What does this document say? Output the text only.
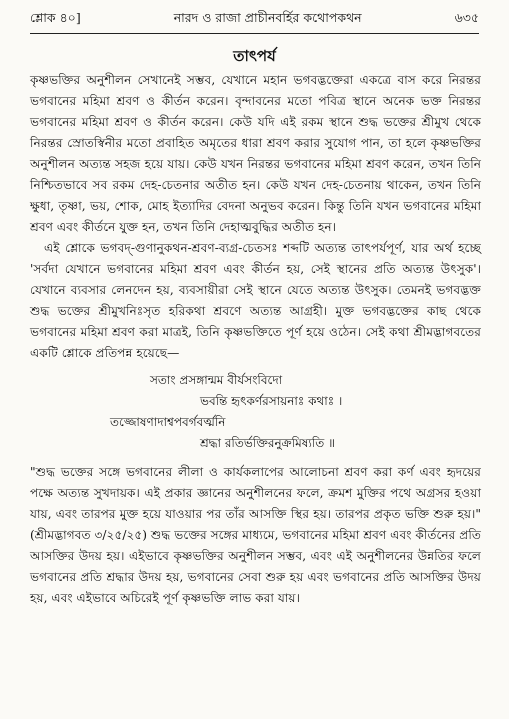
শ্লোক ৪০]	নারদ ও রাজা প্রাচীনবর্হির কথোপকথন	৬৩৫
তাৎপর্য

কৃষ্ণভক্তির অনুশীলন সেখানেই সম্ভব, যেখানে মহান ভগবদ্ভক্তেরা একত্রে বাস করে নিরন্তর ভগবানের মহিমা শ্রবণ ও কীর্তন করেন। বৃন্দাবনের মতো পবিত্র স্থানে অনেক ভক্ত নিরন্তর ভগবানের মহিমা শ্রবণ ও কীর্তন করেন। কেউ যদি এই রকম স্থানে শুদ্ধ ভক্তের শ্রীমুখ থেকে নিরন্তর স্রোতস্বিনীর মতো প্রবাহিত অমৃতের ধারা শ্রবণ করার সুযোগ পান, তা হলে কৃষ্ণভক্তির অনুশীলন অত্যন্ত সহজ হয়ে যায়। কেউ যখন নিরন্তর ভগবানের মহিমা শ্রবণ করেন, তখন তিনি নিশ্চিতভাবে সব রকম দেহ-চেতনার অতীত হন। কেউ যখন দেহ-চেতনায় থাকেন, তখন তিনি ক্ষুধা, তৃষ্ণা, ভয়, শোক, মোহ ইত্যাদির বেদনা অনুভব করেন। কিন্তু তিনি যখন ভগবানের মহিমা শ্রবণ এবং কীর্তনে যুক্ত হন, তখন তিনি দেহাত্মবুদ্ধির অতীত হন।

এই শ্লোকে ভগবদ্-গুণানুকথন-শ্রবণ-ব্যগ্র-চেতসঃ শব্দটি অত্যন্ত তাৎপর্যপূর্ণ, যার অর্থ হচ্ছে 'সর্বদা যেখানে ভগবানের মহিমা শ্রবণ এবং কীর্তন হয়, সেই স্থানের প্রতি অত্যন্ত উৎসুক'। যেখানে ব্যবসার লেনদেন হয়, ব্যবসায়ীরা সেই স্থানে যেতে অত্যন্ত উৎসুক। তেমনই ভগবদ্ভক্ত শুদ্ধ ভক্তের শ্রীমুখনিঃসৃত হরিকথা শ্রবণে অত্যন্ত আগ্রহী। মুক্ত ভগবদ্ভক্তের কাছ থেকে ভগবানের মহিমা শ্রবণ করা মাত্রই, তিনি কৃষ্ণভক্তিতে পূর্ণ হয়ে ওঠেন। সেই কথা শ্রীমদ্ভাগবতের একটি শ্লোকে প্রতিপন্ন হয়েছে—

সতাং প্রসঙ্গান্মম বীর্যসংবিদো
ভবন্তি হৃৎকর্ণরসায়নাঃ কথাঃ ।
তজ্জোষণাদাশ্বপবর্গবর্ত্মনি
শ্রদ্ধা রতির্ভক্তিরনুক্রমিষ্যতি ॥

"শুদ্ধ ভক্তের সঙ্গে ভগবানের লীলা ও কার্যকলাপের আলোচনা শ্রবণ করা কর্ণ এবং হৃদয়ের পক্ষে অত্যন্ত সুখদায়ক। এই প্রকার জ্ঞানের অনুশীলনের ফলে, ক্রমশ মুক্তির পথে অগ্রসর হওয়া যায়, এবং তারপর মুক্ত হয়ে যাওয়ার পর তাঁর আসক্তি স্থির হয়। তারপর প্রকৃত ভক্তি শুরু হয়।" (শ্রীমদ্ভাগবত ৩/২৫/২৫) শুদ্ধ ভক্তের সঙ্গের মাধ্যমে, ভগবানের মহিমা শ্রবণ এবং কীর্তনের প্রতি আসক্তির উদয় হয়। এইভাবে কৃষ্ণভক্তির অনুশীলন সম্ভব, এবং এই অনুশীলনের উন্নতির ফলে ভগবানের প্রতি শ্রদ্ধার উদয় হয়, ভগবানের সেবা শুরু হয় এবং ভগবানের প্রতি আসক্তির উদয় হয়, এবং এইভাবে অচিরেই পূর্ণ কৃষ্ণভক্তি লাভ করা যায়।
